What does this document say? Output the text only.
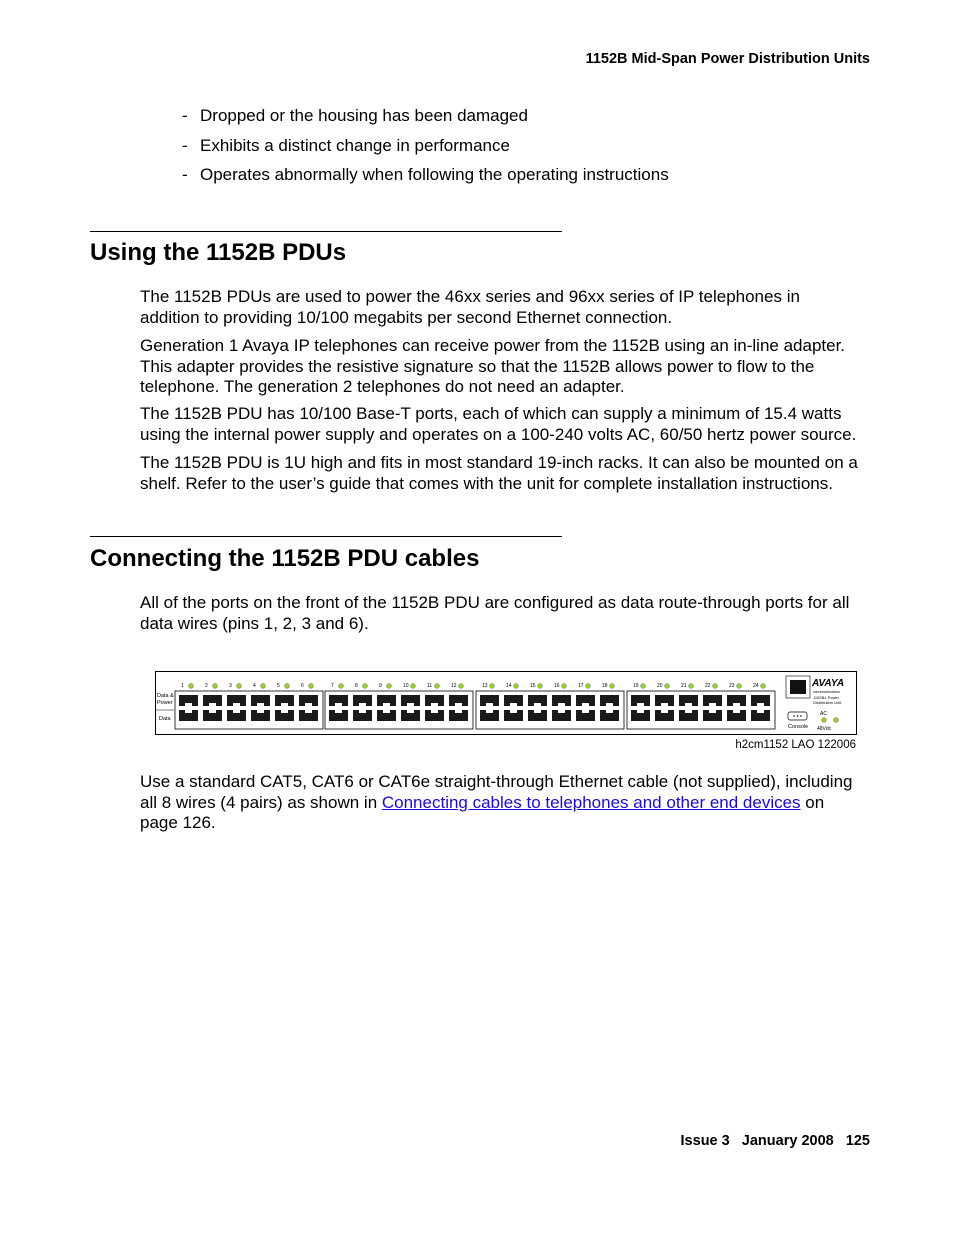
1152B Mid-Span Power Distribution Units
- Dropped or the housing has been damaged
- Exhibits a distinct change in performance
- Operates abnormally when following the operating instructions
Using the 1152B PDUs

The 1152B PDUs are used to power the 46xx series and 96xx series of IP telephones in addition to providing 10/100 megabits per second Ethernet connection.

Generation 1 Avaya IP telephones can receive power from the 1152B using an in-line adapter. This adapter provides the resistive signature so that the 1152B allows power to flow to the telephone. The generation 2 telephones do not need an adapter.

The 1152B PDU has 10/100 Base-T ports, each of which can supply a minimum of 15.4 watts using the internal power supply and operates on a 100-240 volts AC, 60/50 hertz power source.

The 1152B PDU is 1U high and fits in most standard 19-inch racks. It can also be mounted on a shelf. Refer to the user’s guide that comes with the unit for complete installation instructions.

Connecting the 1152B PDU cables

All of the ports on the front of the 1152B PDU are configured as data route-through ports for all data wires (pins 1, 2, 3 and 6).

Data &
Power
Data
1	2	3	4	5	6	7	8	9	10	11	12	13	14	15	16	17	18	19	20	21	22	23	24	AVAYA
communication
1152B1 Power
Distribution Unit
Console
AC
48Vdc
h2cm1152 LAO 122006

Use a standard CAT5, CAT6 or CAT6e straight-through Ethernet cable (not supplied), including all 8 wires (4 pairs) as shown in Connecting cables to telephones and other end devices on page 126.

Issue 3 January 2008 125
